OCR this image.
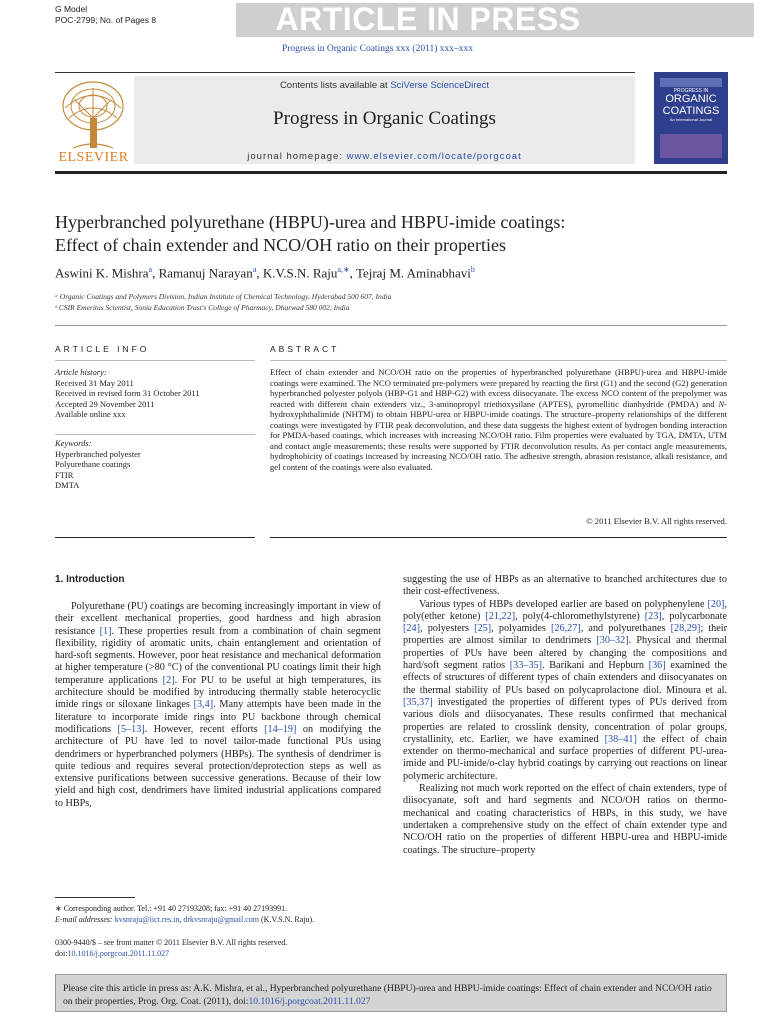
G Model
POC-2799; No. of Pages 8	ARTICLE IN PRESS
Progress in Organic Coatings xxx (2011) xxx–xxx
ELSEVIER
Contents lists available at SciVerse ScienceDirect
Progress in Organic Coatings
journal homepage: www.elsevier.com/locate/porgcoat
PROGRESS IN
ORGANIC
COATINGS
An International Journal
Hyperbranched polyurethane (HBPU)-urea and HBPU-imide coatings:
Effect of chain extender and NCO/OH ratio on their properties
Aswini K. Mishra$^a$, Ramanuj Narayan$^a$, K.V.S.N. Raju$^{a,∗}$, Tejraj M. Aminabhavi$^b$
ᵃ Organic Coatings and Polymers Division, Indian Institute of Chemical Technology, Hyderabad 500 607, India
ᵇ CSIR Emeritus Scientist, Sonia Education Trust's College of Pharmacy, Dharwad 580 002, India
ARTICLE INFO
Article history:
Received 31 May 2011
Received in revised form 31 October 2011
Accepted 29 November 2011
Available online xxx
Keywords:
Hyperbranched polyester
Polyurethane coatings
FTIR
DMTA
ABSTRACT
Effect of chain extender and NCO/OH ratio on the properties of hyperbranched polyurethane (HBPU)-urea and HBPU-imide coatings were examined. The NCO terminated pre-polymers were prepared by reacting the first (G1) and the second (G2) generation hyperbranched polyester polyols (HBP-G1 and HBP-G2) with excess diisocyanate. The excess NCO content of the prepolymer was reacted with different chain extenders viz., 3-aminopropyl triethoxysilane (APTES), pyromellitic dianhydride (PMDA) and N-hydroxyphthalimide (NHTM) to obtain HBPU-urea or HBPU-imide coatings. The structure–property relationships of the different coatings were investigated by FTIR peak deconvolution, and these data suggests the highest extent of hydrogen bonding interaction for PMDA-based coatings, which increases with increasing NCO/OH ratio. Film properties were evaluated by TGA, DMTA, UTM and contact angle measurements; these results were supported by FTIR deconvolution results. As per contact angle measurements, hydrophobicity of coatings increased by increasing NCO/OH ratio. The adhesive strength, abrasion resistance, alkali resistance, and gel content of the coatings were also evaluated.
© 2011 Elsevier B.V. All rights reserved.
1. Introduction
Polyurethane (PU) coatings are becoming increasingly important in view of their excellent mechanical properties, good hardness and high abrasion resistance [1]. These properties result from a combination of chain segment flexibility, rigidity of aromatic units, chain entanglement and orientation of hard-soft segments. However, poor heat resistance and mechanical deformation at higher temperature (>80 °C) of the conventional PU coatings limit their high temperature applications [2]. For PU to be useful at high temperatures, its architecture should be modified by introducing thermally stable heterocyclic imide rings or siloxane linkages [3,4]. Many attempts have been made in the literature to incorporate imide rings into PU backbone through chemical modifications [5–13]. However, recent efforts [14–19] on modifying the architecture of PU have led to novel tailor-made functional PUs using dendrimers or hyperbranched polymers (HBPs). The synthesis of dendrimer is quite tedious and requires several protection/deprotection steps as well as extensive purifications between successive generations. Because of their low yield and high cost, dendrimers have limited industrial applications compared to HBPs,

suggesting the use of HBPs as an alternative to branched architectures due to their cost-effectiveness.

Various types of HBPs developed earlier are based on polyphenylene [20], poly(ether ketone) [21,22], poly(4-chloromethylstyrene) [23], polycarbonate [24], polyesters [25], polyamides [26,27], and polyurethanes [28,29]; their properties are almost similar to dendrimers [30–32]. Physical and thermal properties of PUs have been altered by changing the compositions and hard/soft segment ratios [33–35]. Barikani and Hepburn [36] examined the effects of structures of different types of chain extenders and diisocyanates on the thermal stability of PUs based on polycaprolactone diol. Minoura et al. [35,37] investigated the properties of different types of PUs derived from various diols and diisocyanates. These results confirmed that mechanical properties are related to crosslink density, concentration of polar groups, crystallinity, etc. Earlier, we have examined [38–41] the effect of chain extender on thermo-mechanical and surface properties of different PU-urea-imide and PU-imide/o-clay hybrid coatings by carrying out reactions on linear polymeric architecture.

Realizing not much work reported on the effect of chain extenders, type of diisocyanate, soft and hard segments and NCO/OH ratios on thermo-mechanical and coating characteristics of HBPs, in this study, we have undertaken a comprehensive study on the effect of chain extender type and NCO/OH ratio on the properties of different HBPU-urea and HBPU-imide coatings. The structure–property

∗ Corresponding author. Tel.: +91 40 27193208; fax: +91 40 27193991.
E-mail addresses: kvsnraju@iict.res.in, drkvsnraju@gmail.com (K.V.S.N. Raju).
0300-9440/$ – see front matter © 2011 Elsevier B.V. All rights reserved.
doi:10.1016/j.porgcoat.2011.11.027
Please cite this article in press as: A.K. Mishra, et al., Hyperbranched polyurethane (HBPU)-urea and HBPU-imide coatings: Effect of chain extender and NCO/OH ratio on their properties, Prog. Org. Coat. (2011), doi:10.1016/j.porgcoat.2011.11.027
